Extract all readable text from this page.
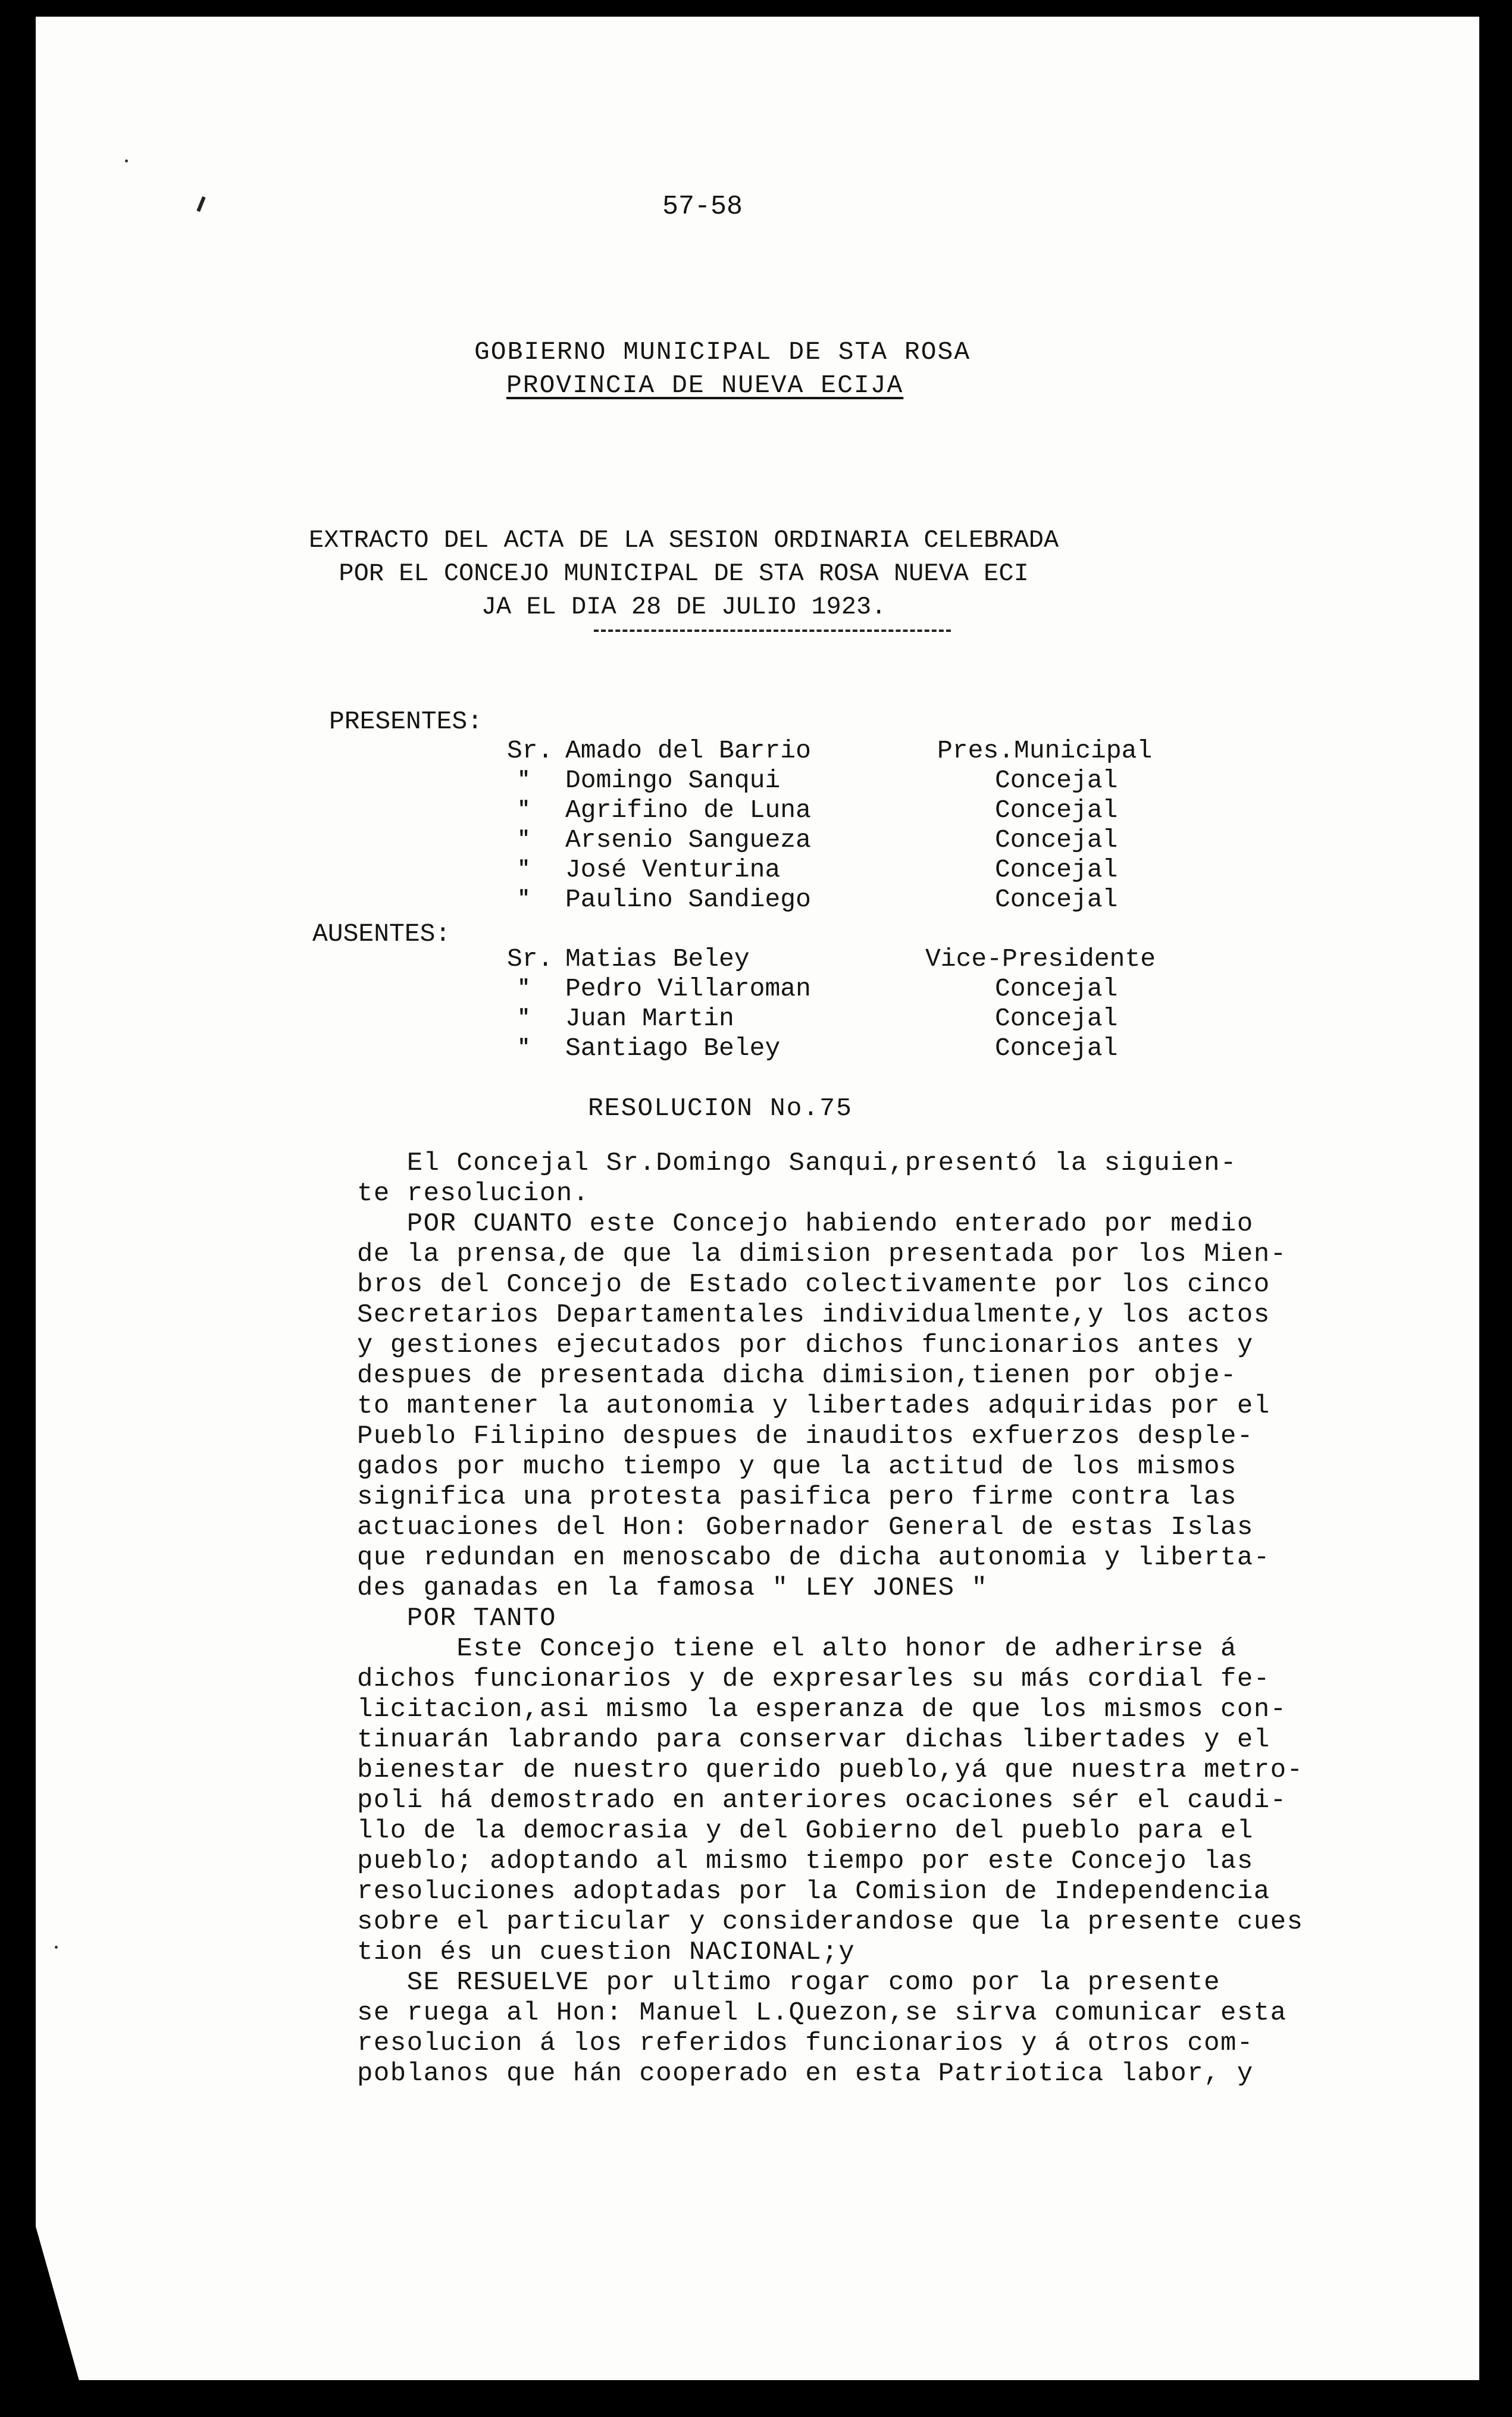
57-58
GOBIERNO MUNICIPAL DE STA ROSA
PROVINCIA DE NUEVA ECIJA
EXTRACTO DEL ACTA DE LA SESION ORDINARIA CELEBRADA
POR EL CONCEJO MUNICIPAL DE STA ROSA NUEVA ECI
JA EL DIA 28 DE JULIO 1923.
PRESENTES:
Sr. Amado del Barrio	Pres.Municipal
" Domingo Sanqui	Concejal
" Agrifino de Luna	Concejal
" Arsenio Sangueza	Concejal
" José Venturina	Concejal
" Paulino Sandiego	Concejal
AUSENTES:
Sr. Matias Beley	Vice-Presidente
" Pedro Villaroman	Concejal
" Juan Martin	Concejal
" Santiago Beley	Concejal
RESOLUCION No.75
El Concejal Sr.Domingo Sanqui,presentó la siguien-
te resolucion.
POR CUANTO este Concejo habiendo enterado por medio
de la prensa,de que la dimision presentada por los Mien-
bros del Concejo de Estado colectivamente por los cinco
Secretarios Departamentales individualmente,y los actos
y gestiones ejecutados por dichos funcionarios antes y
despues de presentada dicha dimision,tienen por obje-
to mantener la autonomia y libertades adquiridas por el
Pueblo Filipino despues de inauditos exfuerzos desple-
gados por mucho tiempo y que la actitud de los mismos
significa una protesta pasifica pero firme contra las
actuaciones del Hon: Gobernador General de estas Islas
que redundan en menoscabo de dicha autonomia y liberta-
des ganadas en la famosa " LEY JONES "
POR TANTO
Este Concejo tiene el alto honor de adherirse á
dichos funcionarios y de expresarles su más cordial fe-
licitacion,asi mismo la esperanza de que los mismos con-
tinuarán labrando para conservar dichas libertades y el
bienestar de nuestro querido pueblo,yá que nuestra metro-
poli há demostrado en anteriores ocaciones sér el caudi-
llo de la democrasia y del Gobierno del pueblo para el
pueblo; adoptando al mismo tiempo por este Concejo las
resoluciones adoptadas por la Comision de Independencia
sobre el particular y considerandose que la presente cues
tion és un cuestion NACIONAL;y
SE RESUELVE por ultimo rogar como por la presente
se ruega al Hon: Manuel L.Quezon,se sirva comunicar esta
resolucion á los referidos funcionarios y á otros com-
poblanos que hán cooperado en esta Patriotica labor, y
